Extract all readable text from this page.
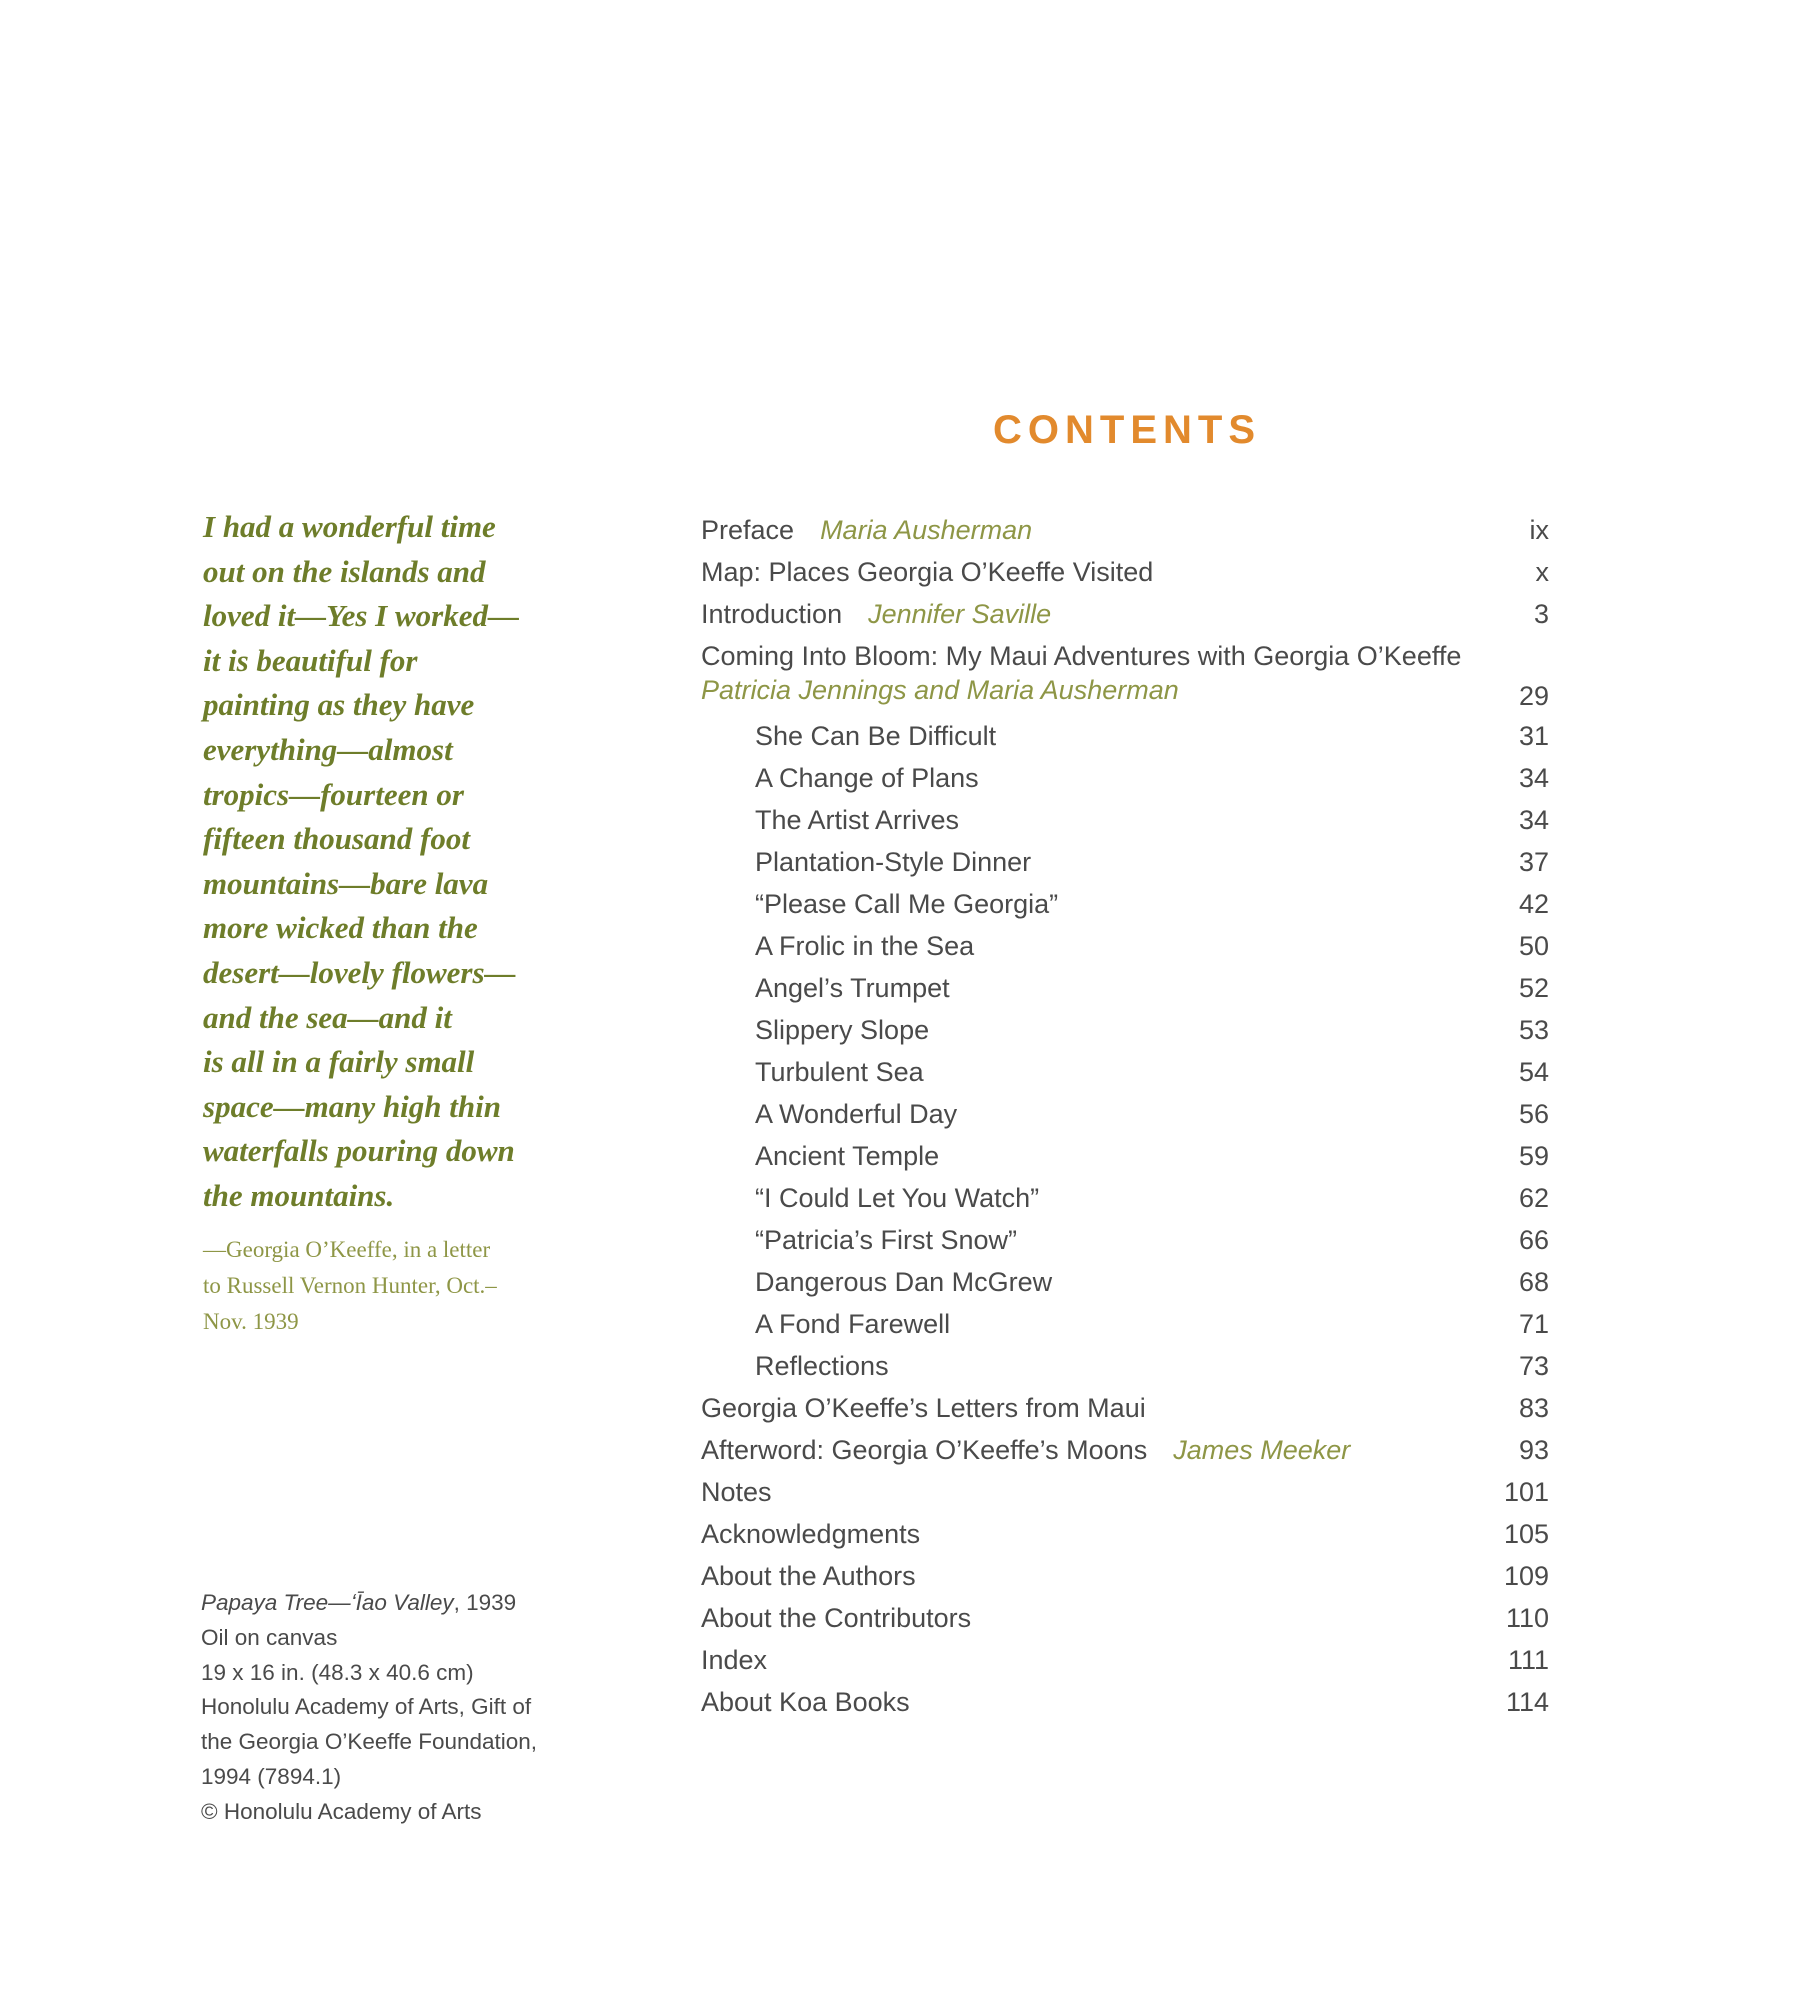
I had a wonderful time
out on the islands and
loved it—Yes I worked—
it is beautiful for
painting as they have
everything—almost
tropics—fourteen or
fifteen thousand foot
mountains—bare lava
more wicked than the
desert—lovely flowers—
and the sea—and it
is all in a fairly small
space—many high thin
waterfalls pouring down
the mountains.
—Georgia O’Keeffe, in a letter
to Russell Vernon Hunter, Oct.–
Nov. 1939
Papaya Tree—ʻĪao Valley, 1939
Oil on canvas
19 x 16 in. (48.3 x 40.6 cm)
Honolulu Academy of Arts, Gift of
the Georgia O’Keeffe Foundation,
1994 (7894.1)
© Honolulu Academy of Arts
CONTENTS
Preface Maria Ausherman	ix
Map: Places Georgia O’Keeffe Visited	x
Introduction Jennifer Saville	3
Coming Into Bloom: My Maui Adventures with Georgia O’Keeffe
Patricia Jennings and Maria Ausherman	29
She Can Be Difficult	31
A Change of Plans	34
The Artist Arrives	34
Plantation-Style Dinner	37
“Please Call Me Georgia”	42
A Frolic in the Sea	50
Angel’s Trumpet	52
Slippery Slope	53
Turbulent Sea	54
A Wonderful Day	56
Ancient Temple	59
“I Could Let You Watch”	62
“Patricia’s First Snow”	66
Dangerous Dan McGrew	68
A Fond Farewell	71
Reflections	73
Georgia O’Keeffe’s Letters from Maui	83
Afterword: Georgia O’Keeffe’s Moons James Meeker	93
Notes	101
Acknowledgments	105
About the Authors	109
About the Contributors	110
Index	111
About Koa Books	114
